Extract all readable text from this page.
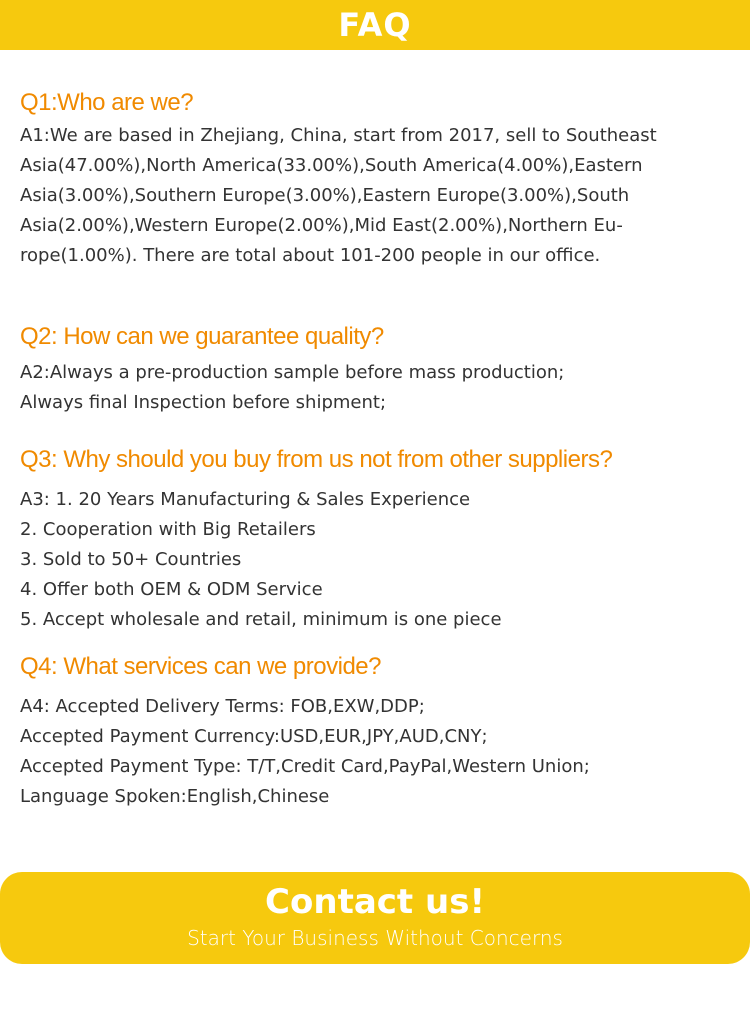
FAQ

Q1:Who are we?

A1:We are based in Zhejiang, China, start from 2017, sell to Southeast
Asia(47.00%),North America(33.00%),South America(4.00%),Eastern
Asia(3.00%),Southern Europe(3.00%),Eastern Europe(3.00%),South
Asia(2.00%),Western Europe(2.00%),Mid East(2.00%),Northern Eu-
rope(1.00%). There are total about 101-200 people in our office.

Q2: How can we guarantee quality?

A2:Always a pre-production sample before mass production;
Always final Inspection before shipment;

Q3: Why should you buy from us not from other suppliers?

A3: 1. 20 Years Manufacturing & Sales Experience
2. Cooperation with Big Retailers
3. Sold to 50+ Countries
4. Offer both OEM & ODM Service
5. Accept wholesale and retail, minimum is one piece

Q4: What services can we provide?

A4: Accepted Delivery Terms: FOB,EXW,DDP;
Accepted Payment Currency:USD,EUR,JPY,AUD,CNY;
Accepted Payment Type: T/T,Credit Card,PayPal,Western Union;
Language Spoken:English,Chinese
Contact us!
Start Your Business Without Concerns
